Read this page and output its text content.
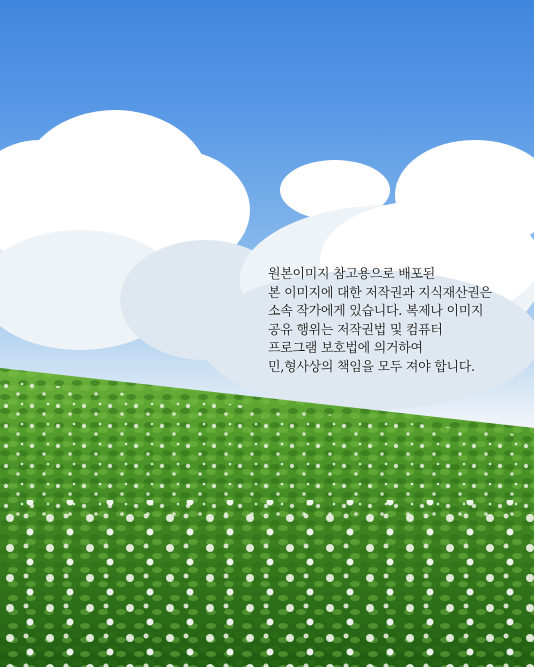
원본이미지 참고용으로 배포된
본 이미지에 대한 저작권과 지식재산권은
소속 작가에게 있습니다. 복제나 이미지
공유 행위는 저작권법 및 컴퓨터
프로그램 보호법에 의거하여
민,형사상의 책임을 모두 져야 합니다.
